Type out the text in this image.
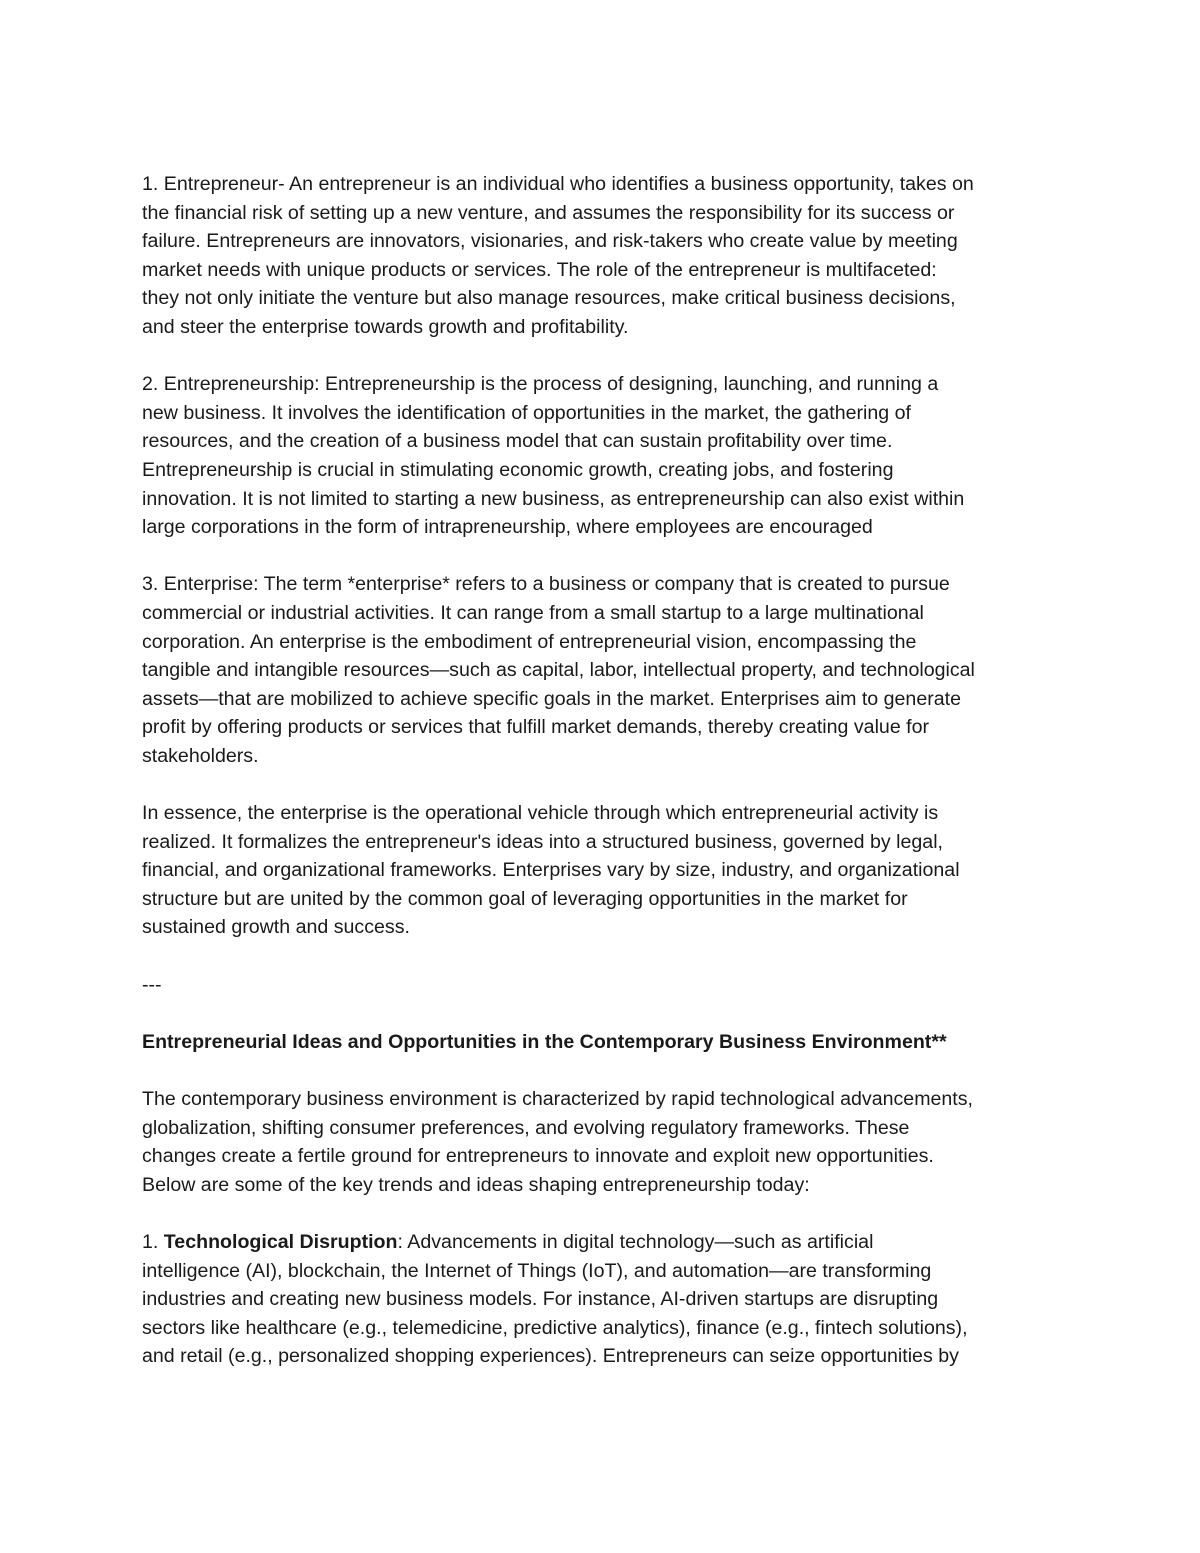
1. Entrepreneur- An entrepreneur is an individual who identifies a business opportunity, takes on
the financial risk of setting up a new venture, and assumes the responsibility for its success or
failure. Entrepreneurs are innovators, visionaries, and risk-takers who create value by meeting
market needs with unique products or services. The role of the entrepreneur is multifaceted:
they not only initiate the venture but also manage resources, make critical business decisions,
and steer the enterprise towards growth and profitability.

2. Entrepreneurship: Entrepreneurship is the process of designing, launching, and running a
new business. It involves the identification of opportunities in the market, the gathering of
resources, and the creation of a business model that can sustain profitability over time.
Entrepreneurship is crucial in stimulating economic growth, creating jobs, and fostering
innovation. It is not limited to starting a new business, as entrepreneurship can also exist within
large corporations in the form of intrapreneurship, where employees are encouraged

3. Enterprise: The term *enterprise* refers to a business or company that is created to pursue
commercial or industrial activities. It can range from a small startup to a large multinational
corporation. An enterprise is the embodiment of entrepreneurial vision, encompassing the
tangible and intangible resources—such as capital, labor, intellectual property, and technological
assets—that are mobilized to achieve specific goals in the market. Enterprises aim to generate
profit by offering products or services that fulfill market demands, thereby creating value for
stakeholders.

In essence, the enterprise is the operational vehicle through which entrepreneurial activity is
realized. It formalizes the entrepreneur's ideas into a structured business, governed by legal,
financial, and organizational frameworks. Enterprises vary by size, industry, and organizational
structure but are united by the common goal of leveraging opportunities in the market for
sustained growth and success.

---

Entrepreneurial Ideas and Opportunities in the Contemporary Business Environment**

The contemporary business environment is characterized by rapid technological advancements,
globalization, shifting consumer preferences, and evolving regulatory frameworks. These
changes create a fertile ground for entrepreneurs to innovate and exploit new opportunities.
Below are some of the key trends and ideas shaping entrepreneurship today:

1. Technological Disruption: Advancements in digital technology—such as artificial
intelligence (AI), blockchain, the Internet of Things (IoT), and automation—are transforming
industries and creating new business models. For instance, AI-driven startups are disrupting
sectors like healthcare (e.g., telemedicine, predictive analytics), finance (e.g., fintech solutions),
and retail (e.g., personalized shopping experiences). Entrepreneurs can seize opportunities by
